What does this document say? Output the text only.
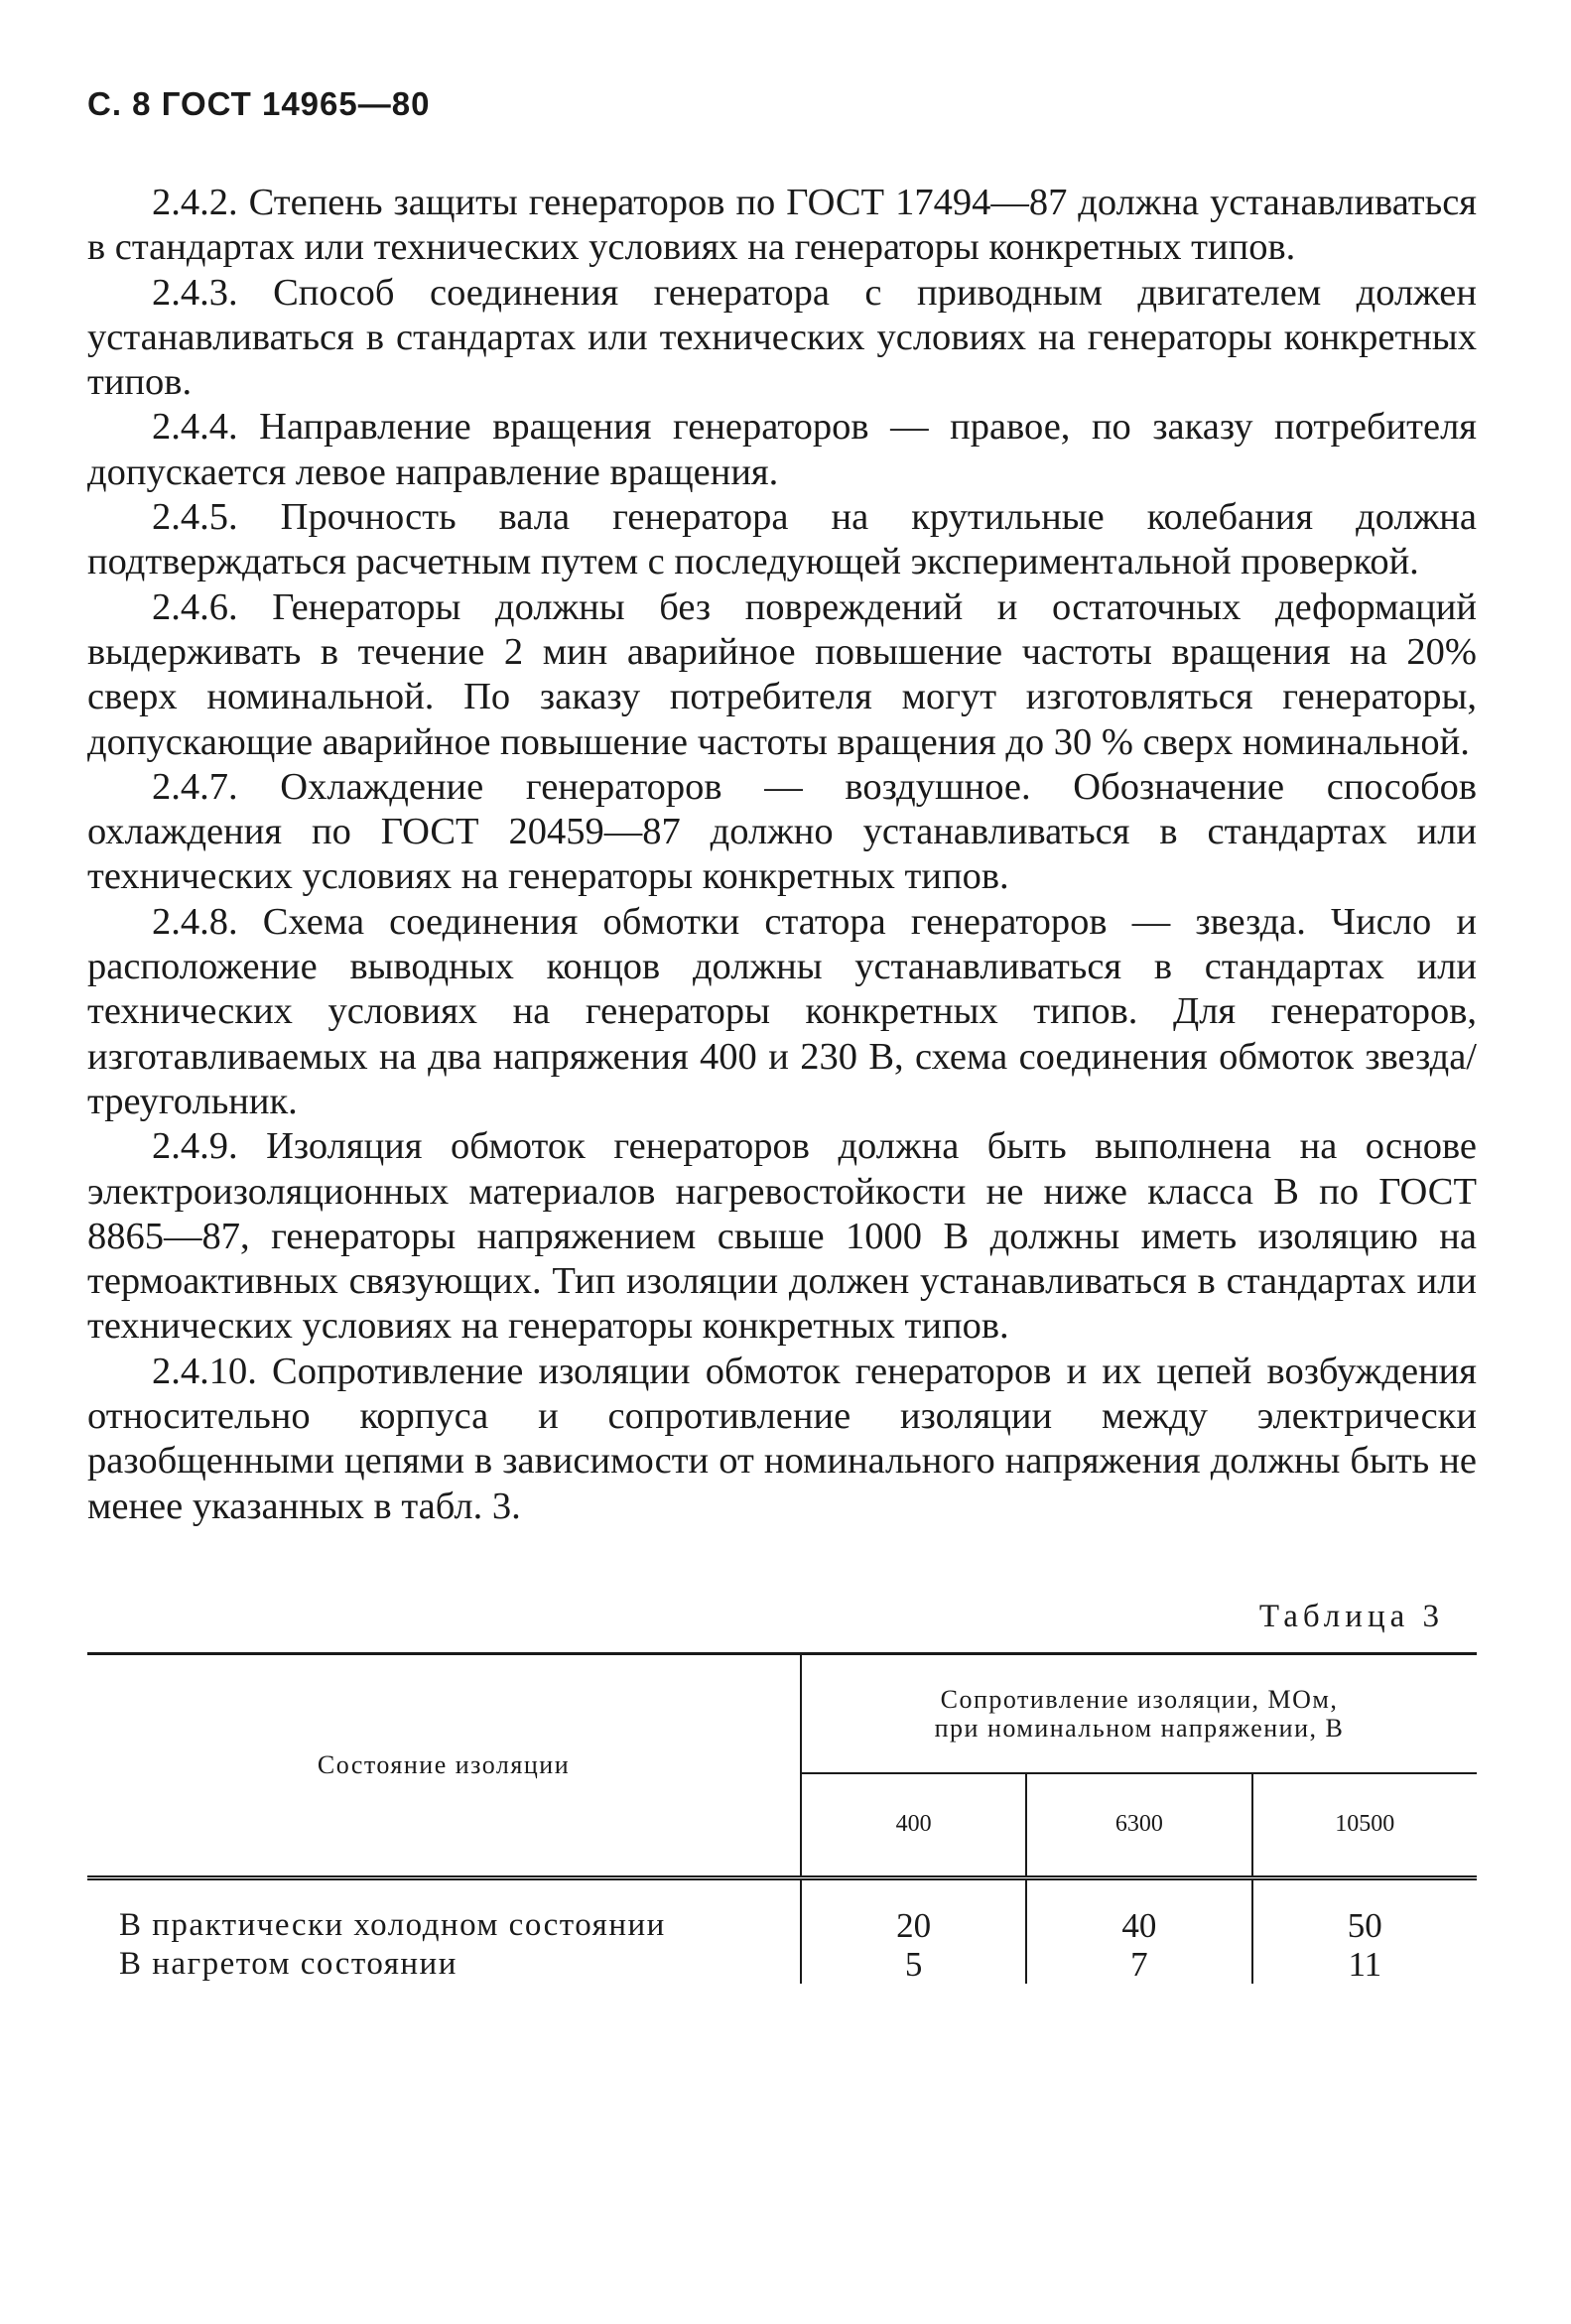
С. 8 ГОСТ 14965—80

2.4.2. Степень защиты генераторов по ГОСТ 17494—87 должна устанавливаться в стандартах или технических условиях на генераторы конкретных типов.

2.4.3. Способ соединения генератора с приводным двигателем должен устанавливаться в стандартах или технических условиях на генераторы конкретных типов.

2.4.4. Направление вращения генераторов — правое, по заказу потребителя допускается левое направление вращения.

2.4.5. Прочность вала генератора на крутильные колебания должна подтверждаться расчетным путем с последующей экспериментальной проверкой.

2.4.6. Генераторы должны без повреждений и остаточных деформаций выдерживать в течение 2 мин аварийное повышение частоты вращения на 20% сверх номинальной. По заказу потребителя могут изготовляться генераторы, допускающие аварийное повышение частоты вращения до 30 % сверх номинальной.

2.4.7. Охлаждение генераторов — воздушное. Обозначение способов охлаждения по ГОСТ 20459—87 должно устанавливаться в стандартах или технических условиях на генераторы конкретных типов.

2.4.8. Схема соединения обмотки статора генераторов — звезда. Число и расположение выводных концов должны устанавливаться в стандартах или технических условиях на генераторы конкретных типов. Для генераторов, изготавливаемых на два напряжения 400 и 230 В, схема соединения обмоток звезда/треугольник.

2.4.9. Изоляция обмоток генераторов должна быть выполнена на основе электроизоляционных материалов нагревостойкости не ниже класса В по ГОСТ 8865—87, генераторы напряжением свыше 1000 В должны иметь изоляцию на термоактивных связующих. Тип изоляции должен устанавливаться в стандартах или технических условиях на генераторы конкретных типов.

2.4.10. Сопротивление изоляции обмоток генераторов и их цепей возбуждения относительно корпуса и сопротивление изоляции между электрически разобщенными цепями в зависимости от номинального напряжения должны быть не менее указанных в табл. 3.

Таблица 3
Состояние изоляции	Сопротивление изоляции, МОм,
при номинальном напряжении, В		
	400	6300	10500
В практически холодном состоянии	20	40	50
В нагретом состоянии	5	7	11
